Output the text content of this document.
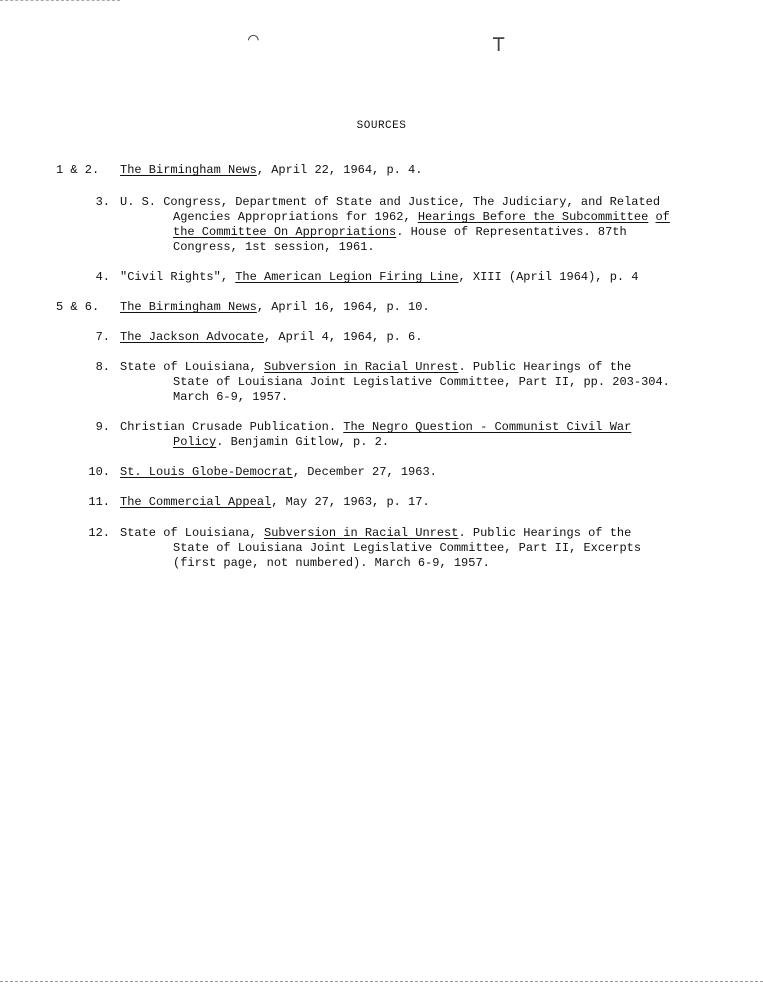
⌒	⊤
SOURCES
1 & 2.	The Birmingham News, April 22, 1964, p. 4.
3. U. S. Congress, Department of State and Justice, The Judiciary, and Related
Agencies Appropriations for 1962, Hearings Before the Subcommittee of
the Committee On Appropriations. House of Representatives. 87th
Congress, 1st session, 1961.
4. "Civil Rights", The American Legion Firing Line, XIII (April 1964), p. 4
5 & 6.	The Birmingham News, April 16, 1964, p. 10.
7. The Jackson Advocate, April 4, 1964, p. 6.
8. State of Louisiana, Subversion in Racial Unrest. Public Hearings of the
State of Louisiana Joint Legislative Committee, Part II, pp. 203-304.
March 6-9, 1957.
9. Christian Crusade Publication. The Negro Question - Communist Civil War
Policy. Benjamin Gitlow, p. 2.
10. St. Louis Globe-Democrat, December 27, 1963.
11. The Commercial Appeal, May 27, 1963, p. 17.
12. State of Louisiana, Subversion in Racial Unrest. Public Hearings of the
State of Louisiana Joint Legislative Committee, Part II, Excerpts
(first page, not numbered). March 6-9, 1957.
